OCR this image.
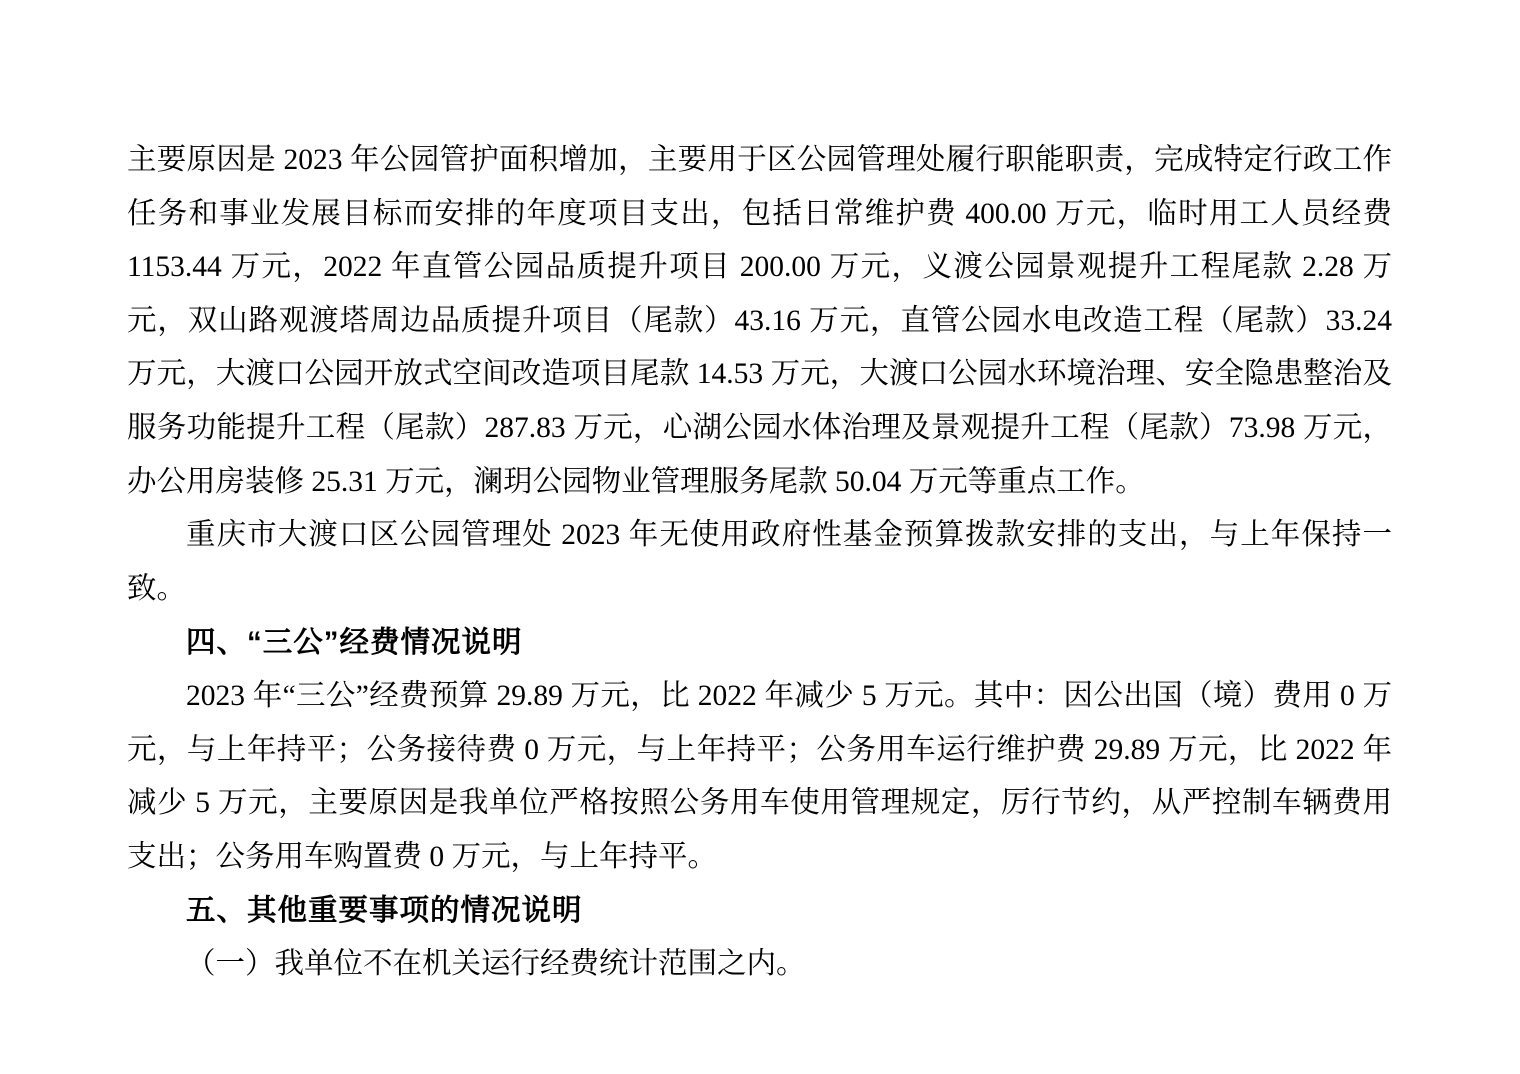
主要原因是 2023 年公园管护面积增加，主要用于区公园管理处履行职能职责，完成特定行政工作任务和事业发展目标而安排的年度项目支出，包括日常维护费 400.00 万元，临时用工人员经费 1153.44 万元，2022 年直管公园品质提升项目 200.00 万元，义渡公园景观提升工程尾款 2.28 万元，双山路观渡塔周边品质提升项目（尾款）43.16 万元，直管公园水电改造工程（尾款）33.24 万元，大渡口公园开放式空间改造项目尾款 14.53 万元，大渡口公园水环境治理、安全隐患整治及服务功能提升工程（尾款）287.83 万元，心湖公园水体治理及景观提升工程（尾款）73.98 万元，办公用房装修 25.31 万元，澜玥公园物业管理服务尾款 50.04 万元等重点工作。

重庆市大渡口区公园管理处 2023 年无使用政府性基金预算拨款安排的支出，与上年保持一致。

四、“三公”经费情况说明

2023 年“三公”经费预算 29.89 万元，比 2022 年减少 5 万元。其中：因公出国（境）费用 0 万元，与上年持平；公务接待费 0 万元，与上年持平；公务用车运行维护费 29.89 万元，比 2022 年减少 5 万元，主要原因是我单位严格按照公务用车使用管理规定，厉行节约，从严控制车辆费用支出；公务用车购置费 0 万元，与上年持平。

五、其他重要事项的情况说明

（一）我单位不在机关运行经费统计范围之内。
